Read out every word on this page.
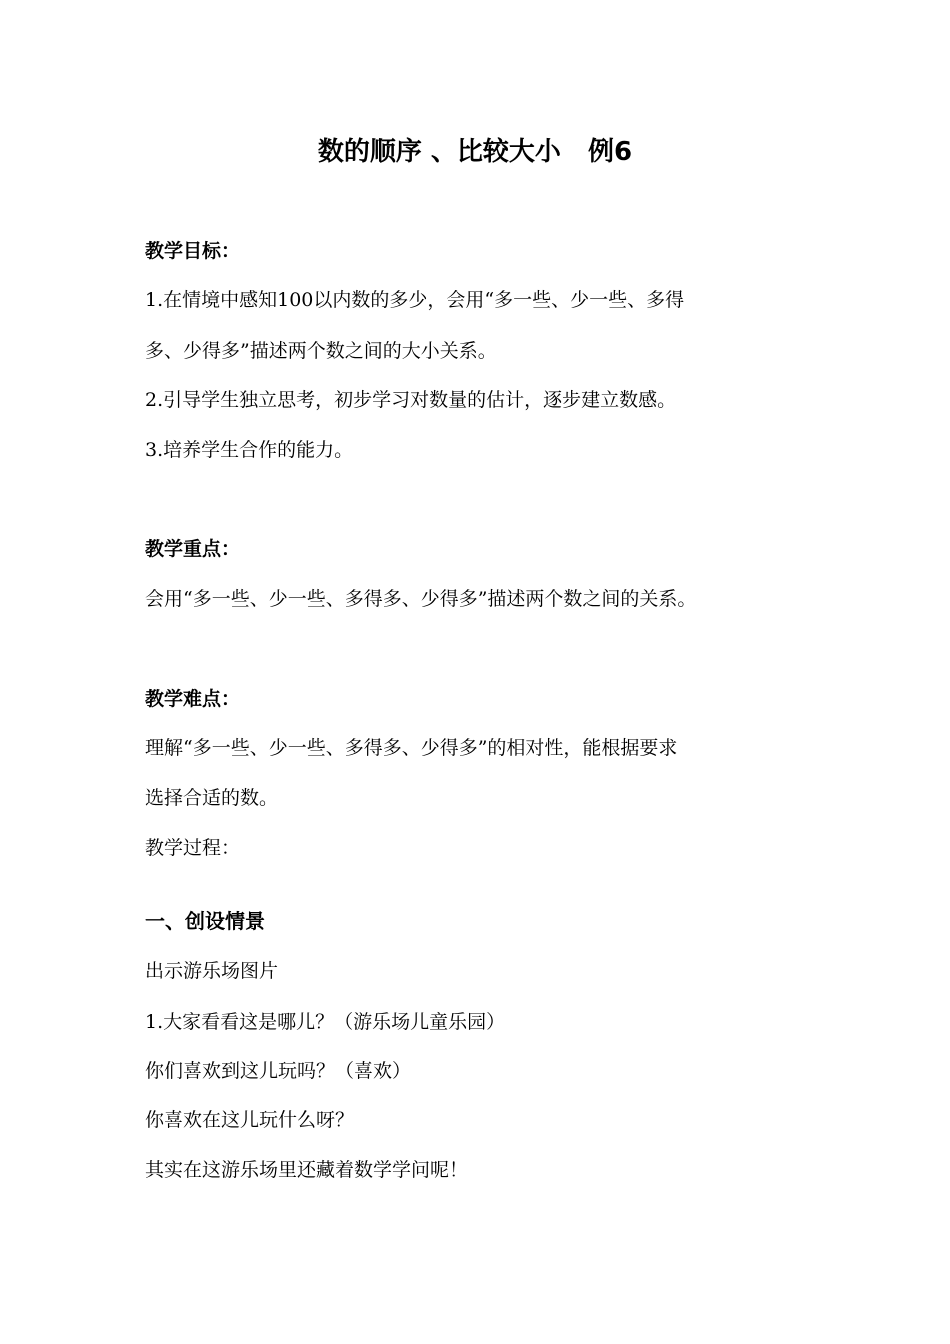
数的顺序 、比较大小   例6
教学目标：
1.在情境中感知100以内数的多少，会用“多一些、少一些、多得
多、少得多”描述两个数之间的大小关系。
2.引导学生独立思考，初步学习对数量的估计，逐步建立数感。
3.培养学生合作的能力。
教学重点：
会用“多一些、少一些、多得多、少得多”描述两个数之间的关系。
教学难点：
理解“多一些、少一些、多得多、少得多”的相对性，能根据要求
选择合适的数。
教学过程：
一、创设情景
出示游乐场图片
1.大家看看这是哪儿？（游乐场儿童乐园）
你们喜欢到这儿玩吗？（喜欢）
你喜欢在这儿玩什么呀？
其实在这游乐场里还藏着数学学问呢！
